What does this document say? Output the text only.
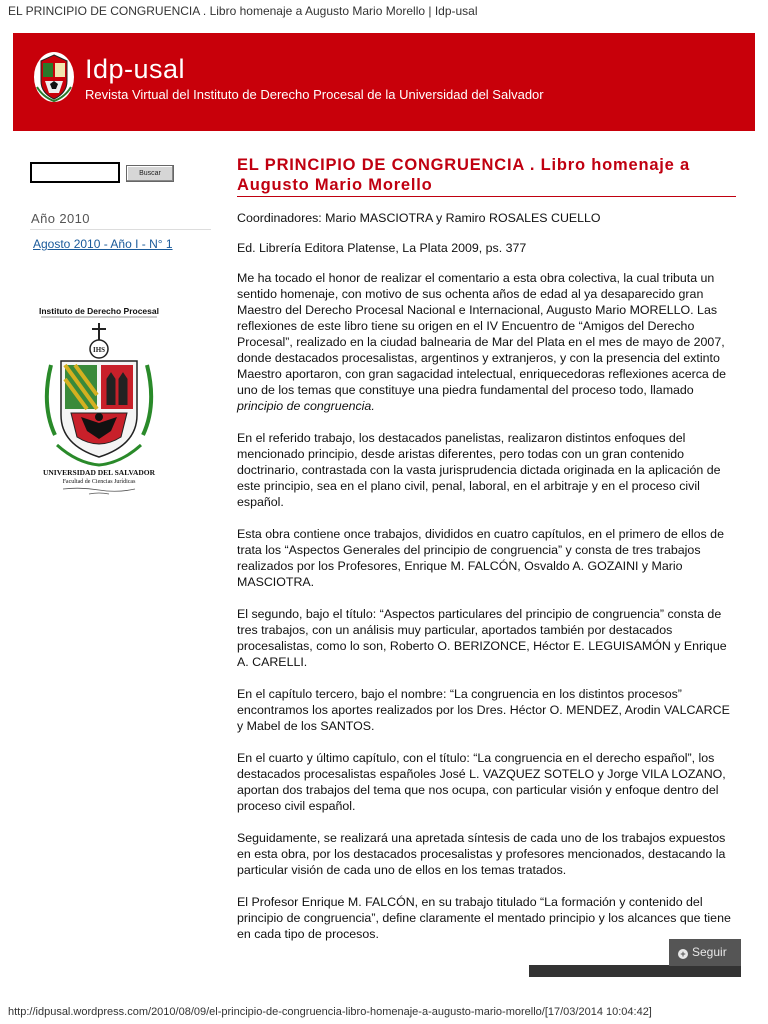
EL PRINCIPIO DE CONGRUENCIA . Libro homenaje a Augusto Mario Morello | Idp-usal
Idp-usal
Revista Virtual del Instituto de Derecho Procesal de la Universidad del Salvador
Buscar
Año 2010
Agosto 2010 - Año I - N° 1
Instituto de Derecho Procesal
IHS
UNIVERSIDAD DEL SALVADOR
Facultad de Ciencias Jurídicas
EL PRINCIPIO DE CONGRUENCIA . Libro homenaje a Augusto Mario Morello

Coordinadores: Mario MASCIOTRA y Ramiro ROSALES CUELLO

Ed. Librería Editora Platense, La Plata 2009, ps. 377

Me ha tocado el honor de realizar el comentario a esta obra colectiva, la cual tributa un sentido homenaje, con motivo de sus ochenta años de edad al ya desaparecido gran Maestro del Derecho Procesal Nacional e Internacional, Augusto Mario MORELLO. Las reflexiones de este libro tiene su origen en el IV Encuentro de “Amigos del Derecho Procesal”, realizado en la ciudad balnearia de Mar del Plata en el mes de mayo de 2007, donde destacados procesalistas, argentinos y extranjeros, y con la presencia del extinto Maestro aportaron, con gran sagacidad intelectual, enriquecedoras reflexiones acerca de uno de los temas que constituye una piedra fundamental del proceso todo, llamado principio de congruencia.

En el referido trabajo, los destacados panelistas, realizaron distintos enfoques del mencionado principio, desde aristas diferentes, pero todas con un gran contenido doctrinario, contrastada con la vasta jurisprudencia dictada originada en la aplicación de este principio, sea en el plano civil, penal, laboral, en el arbitraje y en el proceso civil español.

Esta obra contiene once trabajos, divididos en cuatro capítulos, en el primero de ellos de trata los “Aspectos Generales del principio de congruencia” y consta de tres trabajos realizados por los Profesores, Enrique M. FALCÓN, Osvaldo A. GOZAINI y Mario MASCIOTRA.

El segundo, bajo el título: “Aspectos particulares del principio de congruencia” consta de tres trabajos, con un análisis muy particular, aportados también por destacados procesalistas, como lo son, Roberto O. BERIZONCE, Héctor E. LEGUISAMÓN y Enrique A. CARELLI.

En el capítulo tercero, bajo el nombre: “La congruencia en los distintos procesos” encontramos los aportes realizados por los Dres. Héctor O. MENDEZ, Arodin VALCARCE y Mabel de los SANTOS.

En el cuarto y último capítulo, con el título: “La congruencia en el derecho español”, los destacados procesalistas españoles José L. VAZQUEZ SOTELO y Jorge VILA LOZANO, aportan dos trabajos del tema que nos ocupa, con particular visión y enfoque dentro del proceso civil español.

Seguidamente, se realizará una apretada síntesis de cada uno de los trabajos expuestos en esta obra, por los destacados procesalistas y profesores mencionados, destacando la particular visión de cada uno de ellos en los temas tratados.

El Profesor Enrique M. FALCÓN, en su trabajo titulado “La formación y contenido del principio de congruencia”, define claramente el mentado principio y los alcances que tiene en cada tipo de procesos.

+ Seguir
http://idpusal.wordpress.com/2010/08/09/el-principio-de-congruencia-libro-homenaje-a-augusto-mario-morello/[17/03/2014 10:04:42]
